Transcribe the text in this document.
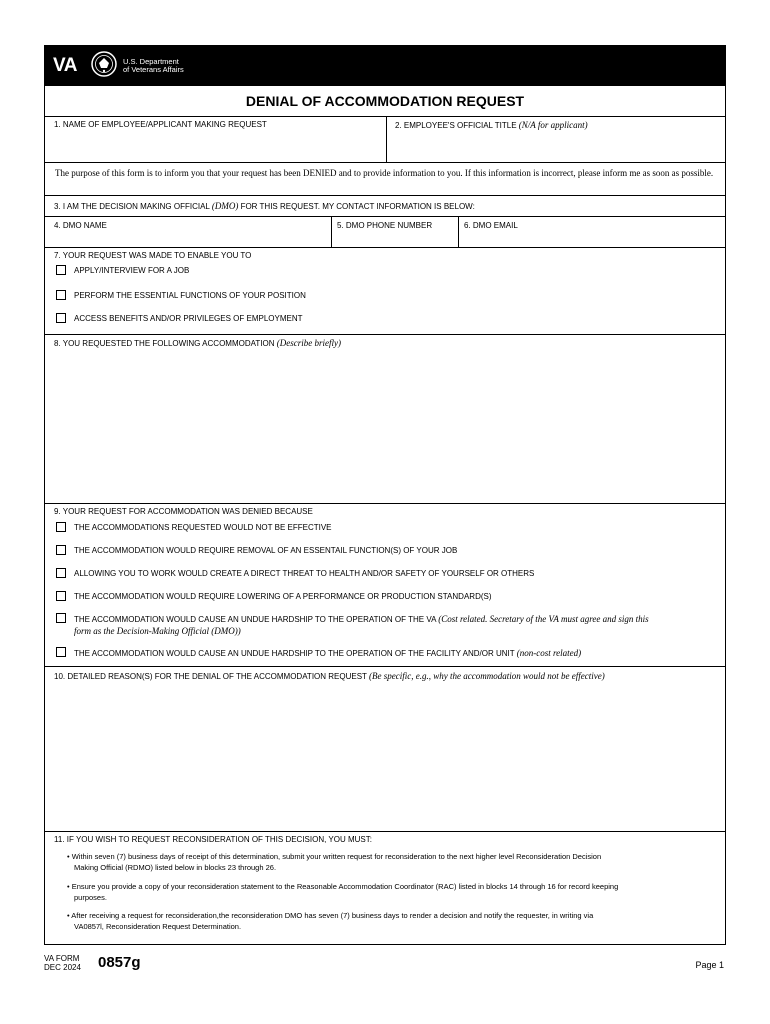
VA	U.S. Department
of Veterans Affairs
DENIAL OF ACCOMMODATION REQUEST
1. NAME OF EMPLOYEE/APPLICANT MAKING REQUEST	2. EMPLOYEE'S OFFICIAL TITLE (N/A for applicant)
The purpose of this form is to inform you that your request has been DENIED and to provide information to you. If this information is incorrect, please inform me as soon as possible.
3. I AM THE DECISION MAKING OFFICIAL (DMO) FOR THIS REQUEST. MY CONTACT INFORMATION IS BELOW:
4. DMO NAME	5. DMO PHONE NUMBER	6. DMO EMAIL
7. YOUR REQUEST WAS MADE TO ENABLE YOU TO
APPLY/INTERVIEW FOR A JOB
PERFORM THE ESSENTIAL FUNCTIONS OF YOUR POSITION
ACCESS BENEFITS AND/OR PRIVILEGES OF EMPLOYMENT
8. YOU REQUESTED THE FOLLOWING ACCOMMODATION (Describe briefly)
9. YOUR REQUEST FOR ACCOMMODATION WAS DENIED BECAUSE
THE ACCOMMODATIONS REQUESTED WOULD NOT BE EFFECTIVE
THE ACCOMMODATION WOULD REQUIRE REMOVAL OF AN ESSENTAIL FUNCTION(S) OF YOUR JOB
ALLOWING YOU TO WORK WOULD CREATE A DIRECT THREAT TO HEALTH AND/OR SAFETY OF YOURSELF OR OTHERS
THE ACCOMMODATION WOULD REQUIRE LOWERING OF A PERFORMANCE OR PRODUCTION STANDARD(S)
THE ACCOMMODATION WOULD CAUSE AN UNDUE HARDSHIP TO THE OPERATION OF THE VA (Cost related. Secretary of the VA must agree and sign this
form as the Decision-Making Official (DMO))
THE ACCOMMODATION WOULD CAUSE AN UNDUE HARDSHIP TO THE OPERATION OF THE FACILITY AND/OR UNIT (non-cost related)
10. DETAILED REASON(S) FOR THE DENIAL OF THE ACCOMMODATION REQUEST (Be specific, e.g., why the accommodation would not be effective)
11. IF YOU WISH TO REQUEST RECONSIDERATION OF THIS DECISION, YOU MUST:
• Within seven (7) business days of receipt of this determination, submit your written request for reconsideration to the next higher level Reconsideration Decision
Making Official (RDMO) listed below in blocks 23 through 26.
• Ensure you provide a copy of your reconsideration statement to the Reasonable Accommodation Coordinator (RAC) listed in blocks 14 through 16 for record keeping
purposes.
• After receiving a request for reconsideration,the reconsideration DMO has seven (7) business days to render a decision and notify the requester, in writing via
VA0857l, Reconsideration Request Determination.
VA FORM
DEC 2024 0857g	Page 1
